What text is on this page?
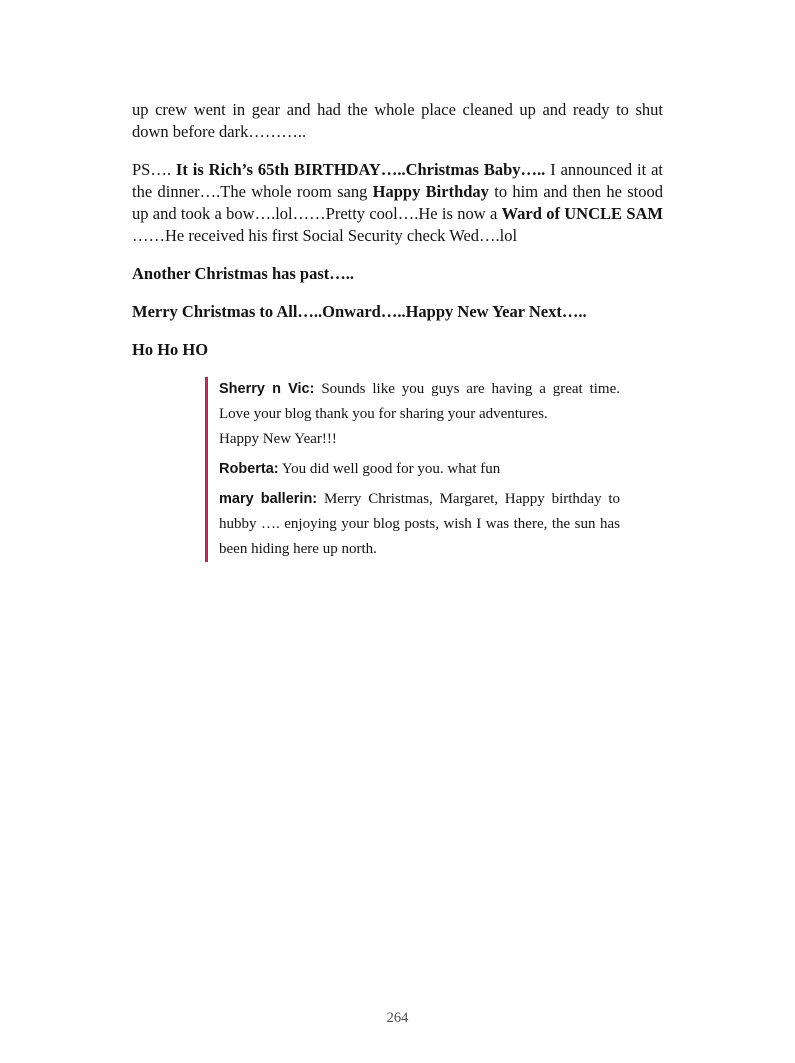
up crew went in gear and had the whole place cleaned up and ready to shut down before dark………..

PS…. It is Rich’s 65th BIRTHDAY…..Christmas Baby….. I announced it at the dinner….The whole room sang Happy Birthday to him and then he stood up and took a bow….lol……Pretty cool….He is now a Ward of UNCLE SAM ……He received his first Social Security check Wed….lol

Another Christmas has past…..

Merry Christmas to All…..Onward…..Happy New Year Next…..

Ho Ho HO

Sherry n Vic: Sounds like you guys are having a great time. Love your blog thank you for sharing your adventures.
Happy New Year!!!

Roberta: You did well good for you. what fun

mary ballerin: Merry Christmas, Margaret, Happy birthday to hubby …. enjoying your blog posts, wish I was there, the sun has been hiding here up north.

264
